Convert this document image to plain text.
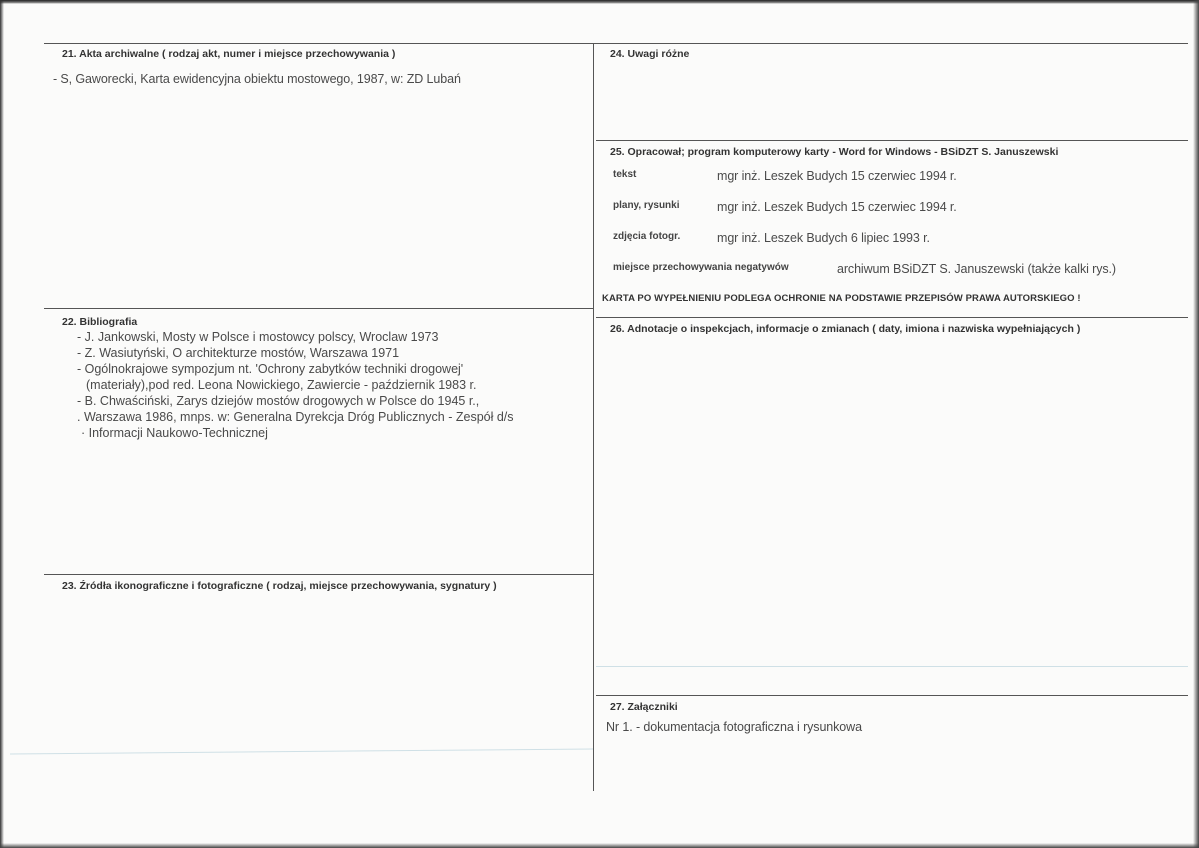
21. Akta archiwalne ( rodzaj akt, numer i miejsce przechowywania )
- S, Gaworecki, Karta ewidencyjna obiektu mostowego, 1987, w: ZD Lubań
22. Bibliografia
- J. Jankowski, Mosty w Polsce i mostowcy polscy, Wroclaw 1973
- Z. Wasiutyński, O architekturze mostów, Warszawa 1971
- Ogólnokrajowe sympozjum nt. 'Ochrony zabytków techniki drogowej'
(materiały),pod red. Leona Nowickiego, Zawiercie - październik 1983 r.
- B. Chwaściński, Zarys dziejów mostów drogowych w Polsce do 1945 r.,
. Warszawa 1986, mnps. w: Generalna Dyrekcja Dróg Publicznych - Zespół d/s
· Informacji Naukowo-Technicznej
23. Źródła ikonograficzne i fotograficzne ( rodzaj, miejsce przechowywania, sygnatury )
24. Uwagi różne
25. Opracował; program komputerowy karty - Word for Windows - BSiDZT S. Januszewski
tekst	mgr inż. Leszek Budych 15 czerwiec 1994 r.
plany, rysunki	mgr inż. Leszek Budych 15 czerwiec 1994 r.
zdjęcia fotogr.	mgr inż. Leszek Budych 6 lipiec 1993 r.
miejsce przechowywania negatywów	archiwum BSiDZT S. Januszewski (także kalki rys.)
KARTA PO WYPEŁNIENIU PODLEGA OCHRONIE NA PODSTAWIE PRZEPISÓW PRAWA AUTORSKIEGO !
26. Adnotacje o inspekcjach, informacje o zmianach ( daty, imiona i nazwiska wypełniających )
27. Załączniki
Nr 1. - dokumentacja fotograficzna i rysunkowa
